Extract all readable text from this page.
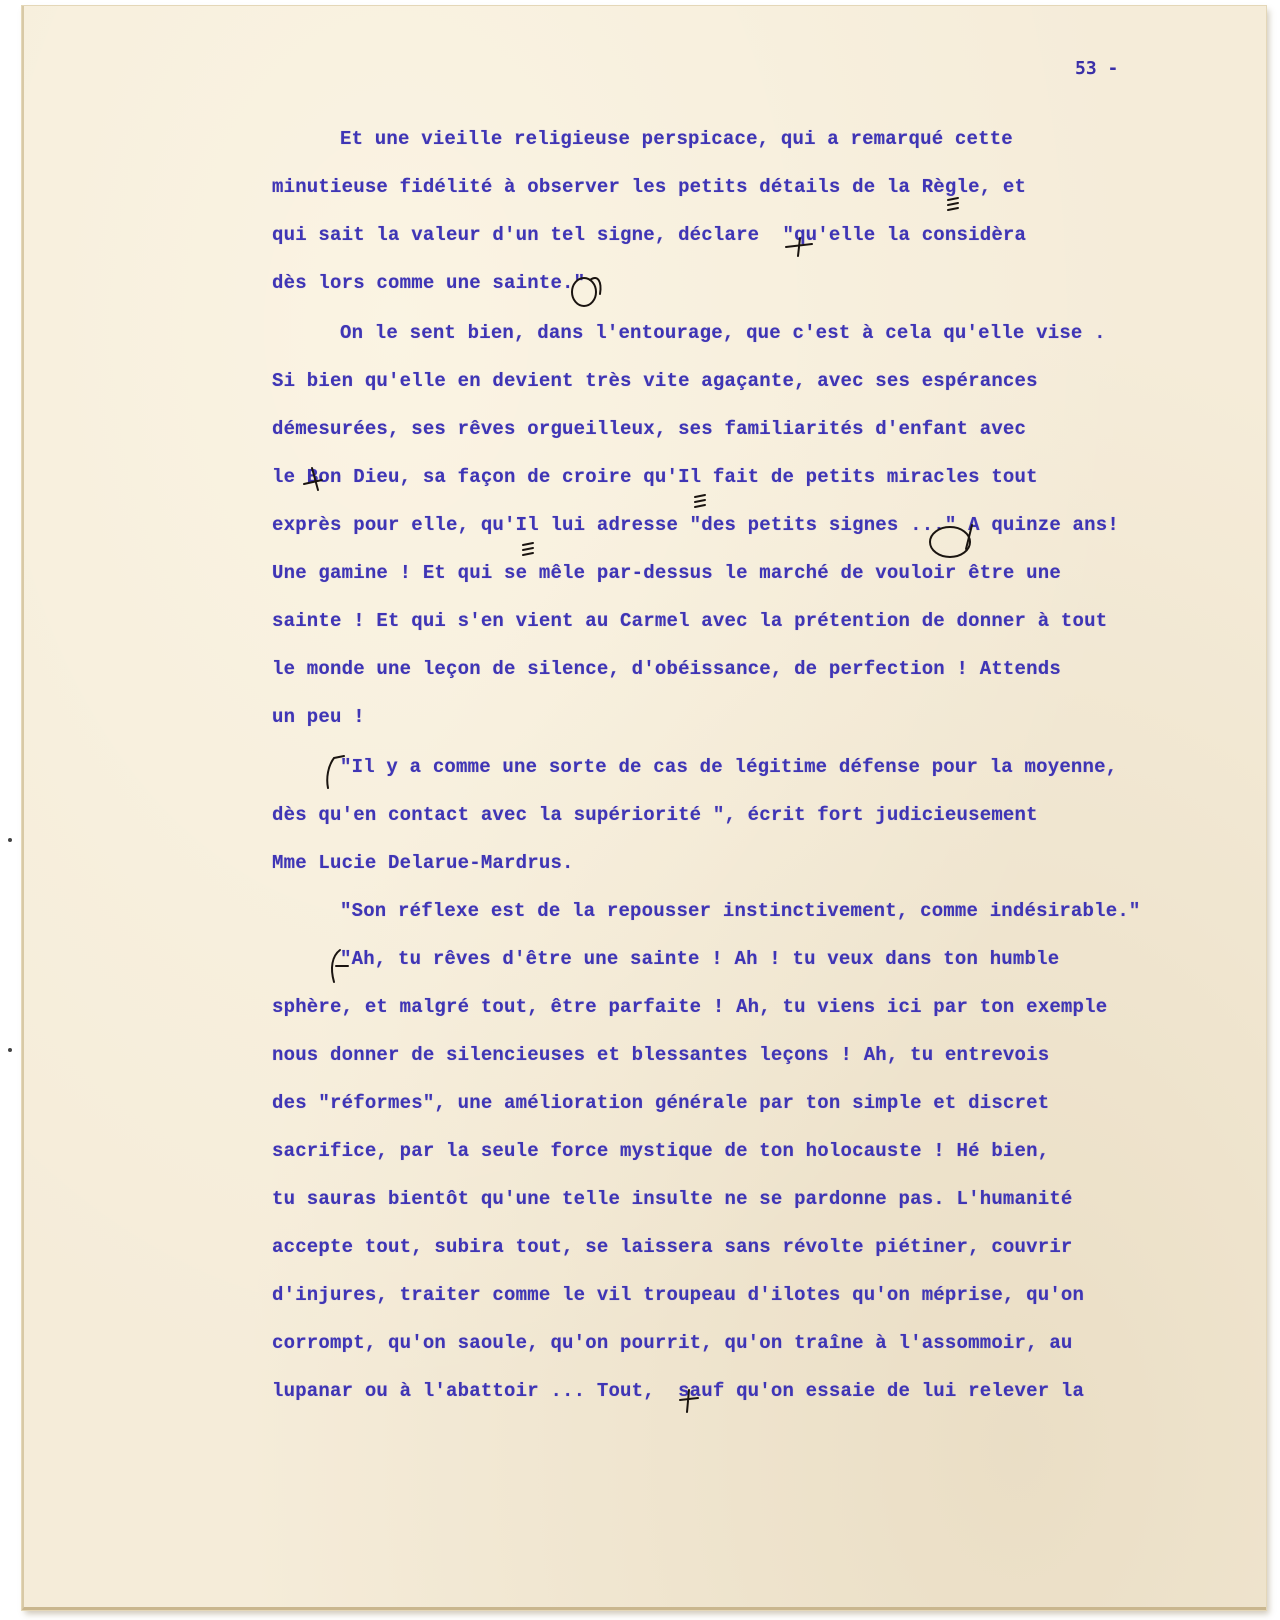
53 -
Et une vieille religieuse perspicace, qui a remarqué cette
minutieuse fidélité à observer les petits détails de la Règle, et
qui sait la valeur d'un tel signe, déclare  "qu'elle la considèra
dès lors comme une sainte."
On le sent bien, dans l'entourage, que c'est à cela qu'elle vise .
Si bien qu'elle en devient très vite agaçante, avec ses espérances
démesurées, ses rêves orgueilleux, ses familiarités d'enfant avec
le Bon Dieu, sa façon de croire qu'Il fait de petits miracles tout
exprès pour elle, qu'Il lui adresse "des petits signes ..." A quinze ans!
Une gamine ! Et qui se mêle par-dessus le marché de vouloir être une
sainte ! Et qui s'en vient au Carmel avec la prétention de donner à tout
le monde une leçon de silence, d'obéissance, de perfection ! Attends
un peu !
"Il y a comme une sorte de cas de légitime défense pour la moyenne,
dès qu'en contact avec la supériorité ", écrit fort judicieusement
Mme Lucie Delarue-Mardrus.
"Son réflexe est de la repousser instinctivement, comme indésirable."
"Ah, tu rêves d'être une sainte ! Ah ! tu veux dans ton humble
sphère, et malgré tout, être parfaite ! Ah, tu viens ici par ton exemple
nous donner de silencieuses et blessantes leçons ! Ah, tu entrevois
des "réformes", une amélioration générale par ton simple et discret
sacrifice, par la seule force mystique de ton holocauste ! Hé bien,
tu sauras bientôt qu'une telle insulte ne se pardonne pas. L'humanité
accepte tout, subira tout, se laissera sans révolte piétiner, couvrir
d'injures, traiter comme le vil troupeau d'ilotes qu'on méprise, qu'on
corrompt, qu'on saoule, qu'on pourrit, qu'on traîne à l'assommoir, au
lupanar ou à l'abattoir ... Tout,  sauf qu'on essaie de lui relever la
